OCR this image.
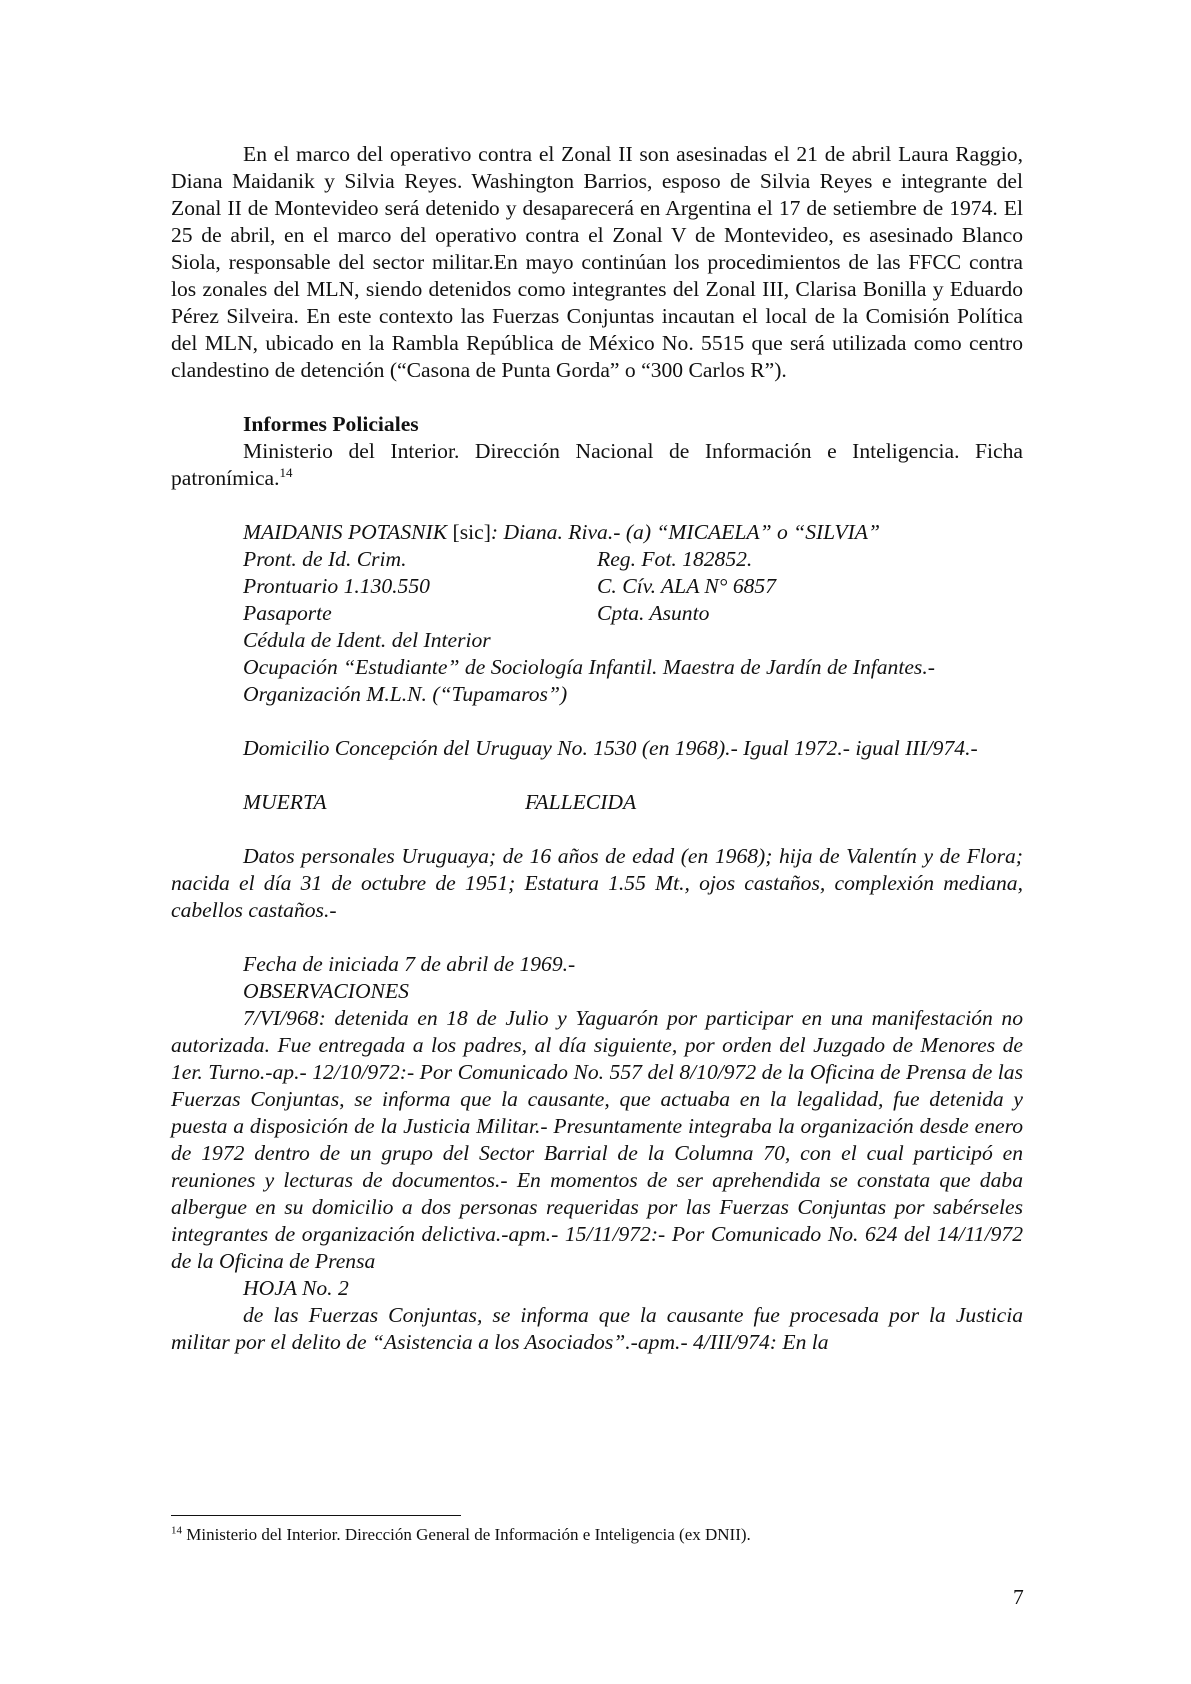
En el marco del operativo contra el Zonal II son asesinadas el 21 de abril Laura Raggio, Diana Maidanik y Silvia Reyes. Washington Barrios, esposo de Silvia Reyes e integrante del Zonal II de Montevideo será detenido y desaparecerá en Argentina el 17 de setiembre de 1974. El 25 de abril, en el marco del operativo contra el Zonal V de Montevideo, es asesinado Blanco Siola, responsable del sector militar.En mayo continúan los procedimientos de las FFCC contra los zonales del MLN, siendo detenidos como integrantes del Zonal III, Clarisa Bonilla y Eduardo Pérez Silveira. En este contexto las Fuerzas Conjuntas incautan el local de la Comisión Política del MLN, ubicado en la Rambla República de México No. 5515 que será utilizada como centro clandestino de detención (“Casona de Punta Gorda” o “300 Carlos R”).

Informes Policiales

Ministerio del Interior. Dirección Nacional de Información e Inteligencia. Ficha patronímica.$^{14}$

MAIDANIS POTASNIK [sic]: Diana. Riva.- (a) “MICAELA” o “SILVIA”

Pront. de Id. Crim.	Reg. Fot. 182852.
Prontuario 1.130.550	C. Cív. ALA N° 6857
Pasaporte	Cpta. Asunto

Cédula de Ident. del Interior

Ocupación “Estudiante” de Sociología Infantil. Maestra de Jardín de Infantes.-

Organización M.L.N. (“Tupamaros”)

Domicilio Concepción del Uruguay No. 1530 (en 1968).- Igual 1972.- igual III/974.-

MUERTA	FALLECIDA

Datos personales Uruguaya; de 16 años de edad (en 1968); hija de Valentín y de Flora; nacida el día 31 de octubre de 1951; Estatura 1.55 Mt., ojos castaños, complexión mediana, cabellos castaños.-

Fecha de iniciada 7 de abril de 1969.-

OBSERVACIONES

7/VI/968: detenida en 18 de Julio y Yaguarón por participar en una manifestación no autorizada. Fue entregada a los padres, al día siguiente, por orden del Juzgado de Menores de 1er. Turno.-ap.- 12/10/972:- Por Comunicado No. 557 del 8/10/972 de la Oficina de Prensa de las Fuerzas Conjuntas, se informa que la causante, que actuaba en la legalidad, fue detenida y puesta a disposición de la Justicia Militar.- Presuntamente integraba la organización desde enero de 1972 dentro de un grupo del Sector Barrial de la Columna 70, con el cual participó en reuniones y lecturas de documentos.- En momentos de ser aprehendida se constata que daba albergue en su domicilio a dos personas requeridas por las Fuerzas Conjuntas por sabérseles integrantes de organización delictiva.-apm.- 15/11/972:- Por Comunicado No. 624 del 14/11/972 de la Oficina de Prensa

HOJA No. 2

de las Fuerzas Conjuntas, se informa que la causante fue procesada por la Justicia militar por el delito de “Asistencia a los Asociados”.-apm.- 4/III/974: En la

$^{14}$ Ministerio del Interior. Dirección General de Información e Inteligencia (ex DNII).

7
